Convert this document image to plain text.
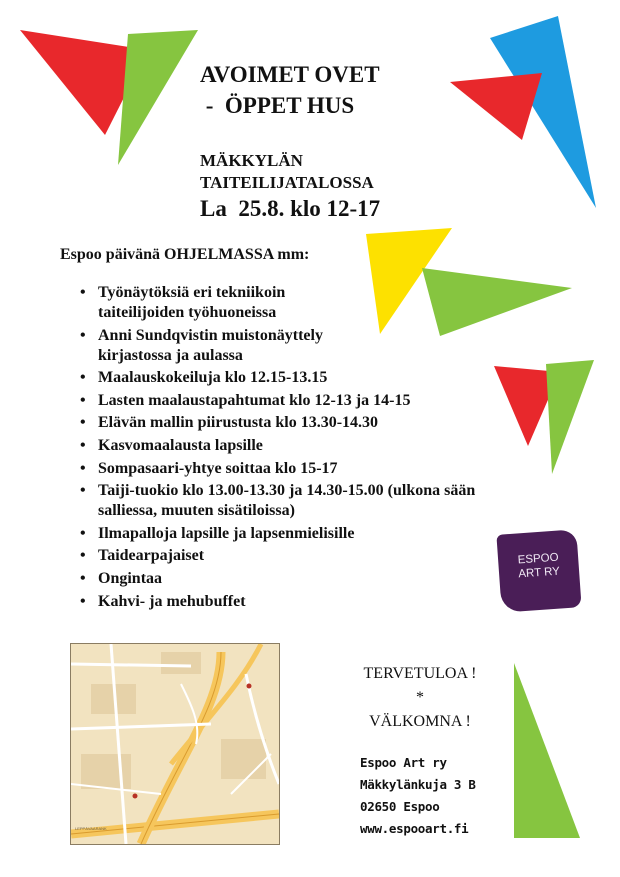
AVOIMET OVET
-  ÖPPET HUS
MÄKKYLÄN
TAITEILIJATALOSSA
La  25.8. klo 12-17
Espoo päivänä OHJELMASSA mm:
• Työnäytöksiä eri tekniikoin taiteilijoiden työhuoneissa
• Anni Sundqvistin muistonäyttely kirjastossa ja aulassa
• Maalauskokeiluja klo 12.15-13.15
• Lasten maalaustapahtumat klo 12-13 ja 14-15
• Elävän mallin piirustusta klo 13.30-14.30
• Kasvomaalausta lapsille
• Sompasaari-yhtye soittaa klo 15-17
• Taiji-tuokio klo 13.00-13.30 ja 14.30-15.00 (ulkona sään salliessa, muuten sisätiloissa)
• Ilmapalloja lapsille ja lapsenmielisille
• Taidearpajaiset
• Ongintaa
• Kahvi- ja mehubuffet
ESPOO
ART RY
LEPPÄVAARANK
TERVETULOA !
*
VÄLKOMNA !
Espoo Art ry
Mäkkylänkuja 3 B
02650 Espoo
www.espooart.fi
